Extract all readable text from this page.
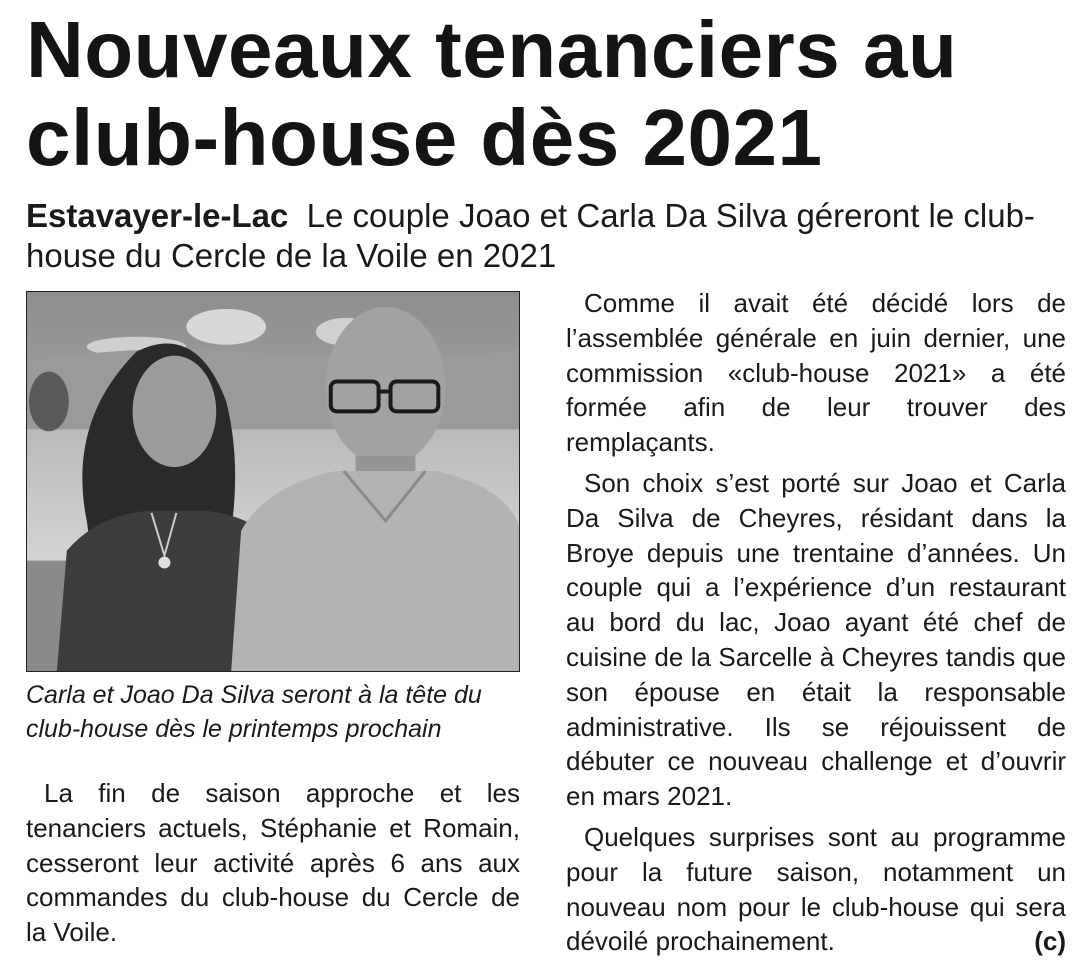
Nouveaux tenanciers au club-house dès 2021

Estavayer-le-Lac Le couple Joao et Carla Da Silva géreront le club-house du Cercle de la Voile en 2021

Carla et Joao Da Silva seront à la tête du club-house dès le printemps prochain

La fin de saison approche et les tenanciers actuels, Stéphanie et Romain, cesseront leur activité après 6 ans aux commandes du club-house du Cercle de la Voile.

Comme il avait été décidé lors de l’assemblée générale en juin dernier, une commission «club-house 2021» a été formée afin de leur trouver des remplaçants.

Son choix s’est porté sur Joao et Carla Da Silva de Cheyres, résidant dans la Broye depuis une trentaine d’années. Un couple qui a l’expérience d’un restaurant au bord du lac, Joao ayant été chef de cuisine de la Sarcelle à Cheyres tandis que son épouse en était la responsable administrative. Ils se réjouissent de débuter ce nouveau challenge et d’ouvrir en mars 2021.

Quelques surprises sont au programme pour la future saison, notamment un nouveau nom pour le club-house qui sera dévoilé prochainement.	(c)
